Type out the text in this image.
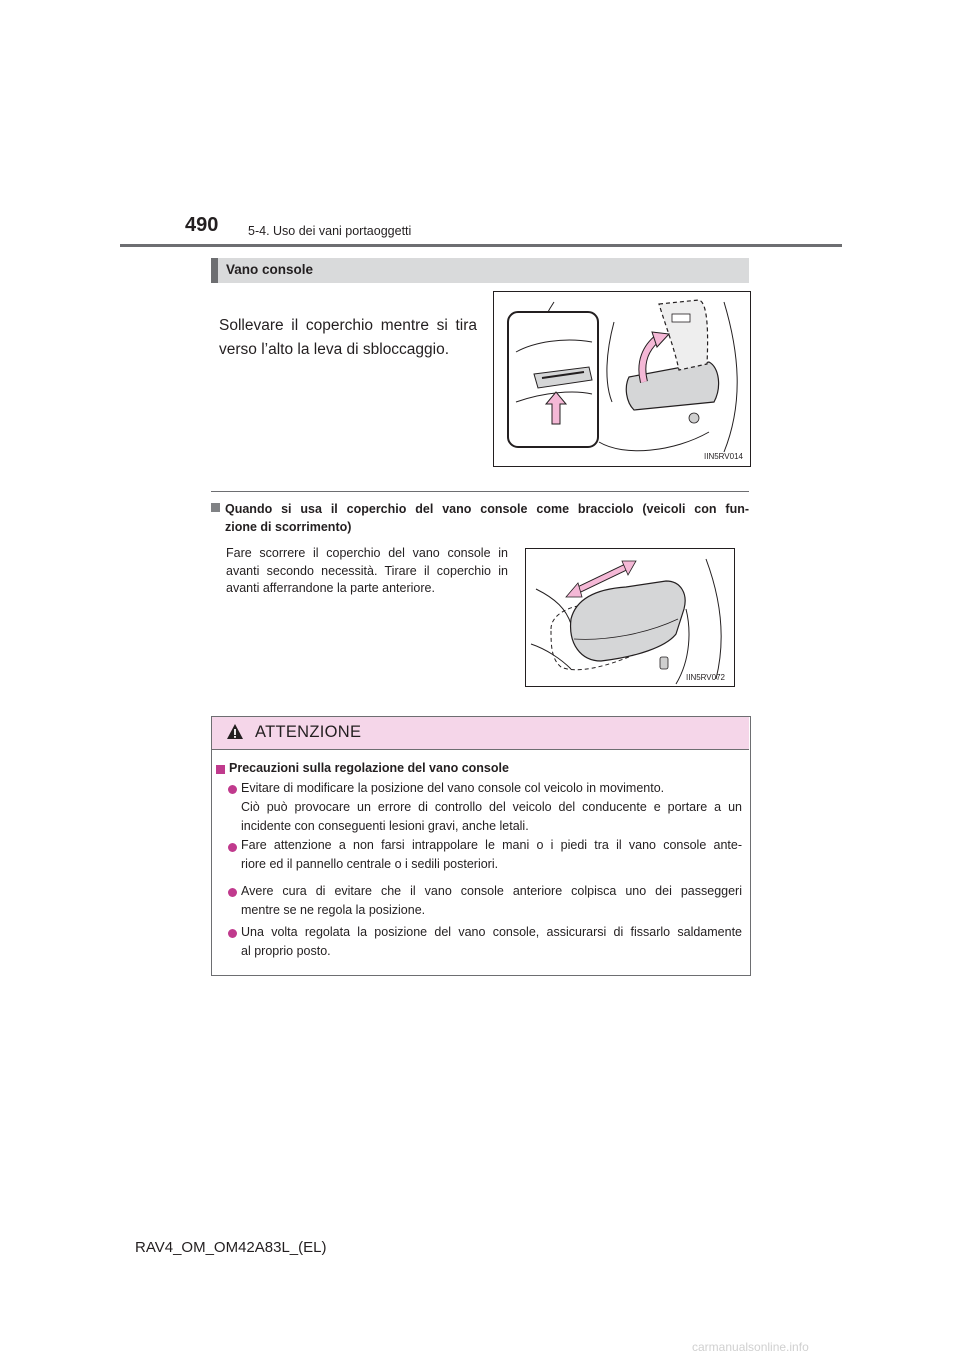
490 5-4. Uso dei vani portaoggetti
Vano console
Sollevare il coperchio mentre si tira
verso l’alto la leva di sbloccaggio.
IIN5RV014
Quando si usa il coperchio del vano console come bracciolo (veicoli con fun-
zione di scorrimento)
Fare scorrere il coperchio del vano console in
avanti secondo necessità. Tirare il coperchio in
avanti afferrandone la parte anteriore.
IIN5RV072
ATTENZIONE
Precauzioni sulla regolazione del vano console
Evitare di modificare la posizione del vano console col veicolo in movimento.
Ciò può provocare un errore di controllo del veicolo del conducente e portare a un
incidente con conseguenti lesioni gravi, anche letali.
Fare attenzione a non farsi intrappolare le mani o i piedi tra il vano console ante-
riore ed il pannello centrale o i sedili posteriori.
Avere cura di evitare che il vano console anteriore colpisca uno dei passeggeri
mentre se ne regola la posizione.
Una volta regolata la posizione del vano console, assicurarsi di fissarlo saldamente
al proprio posto.
RAV4_OM_OM42A83L_(EL)
carmanualsonline.info
